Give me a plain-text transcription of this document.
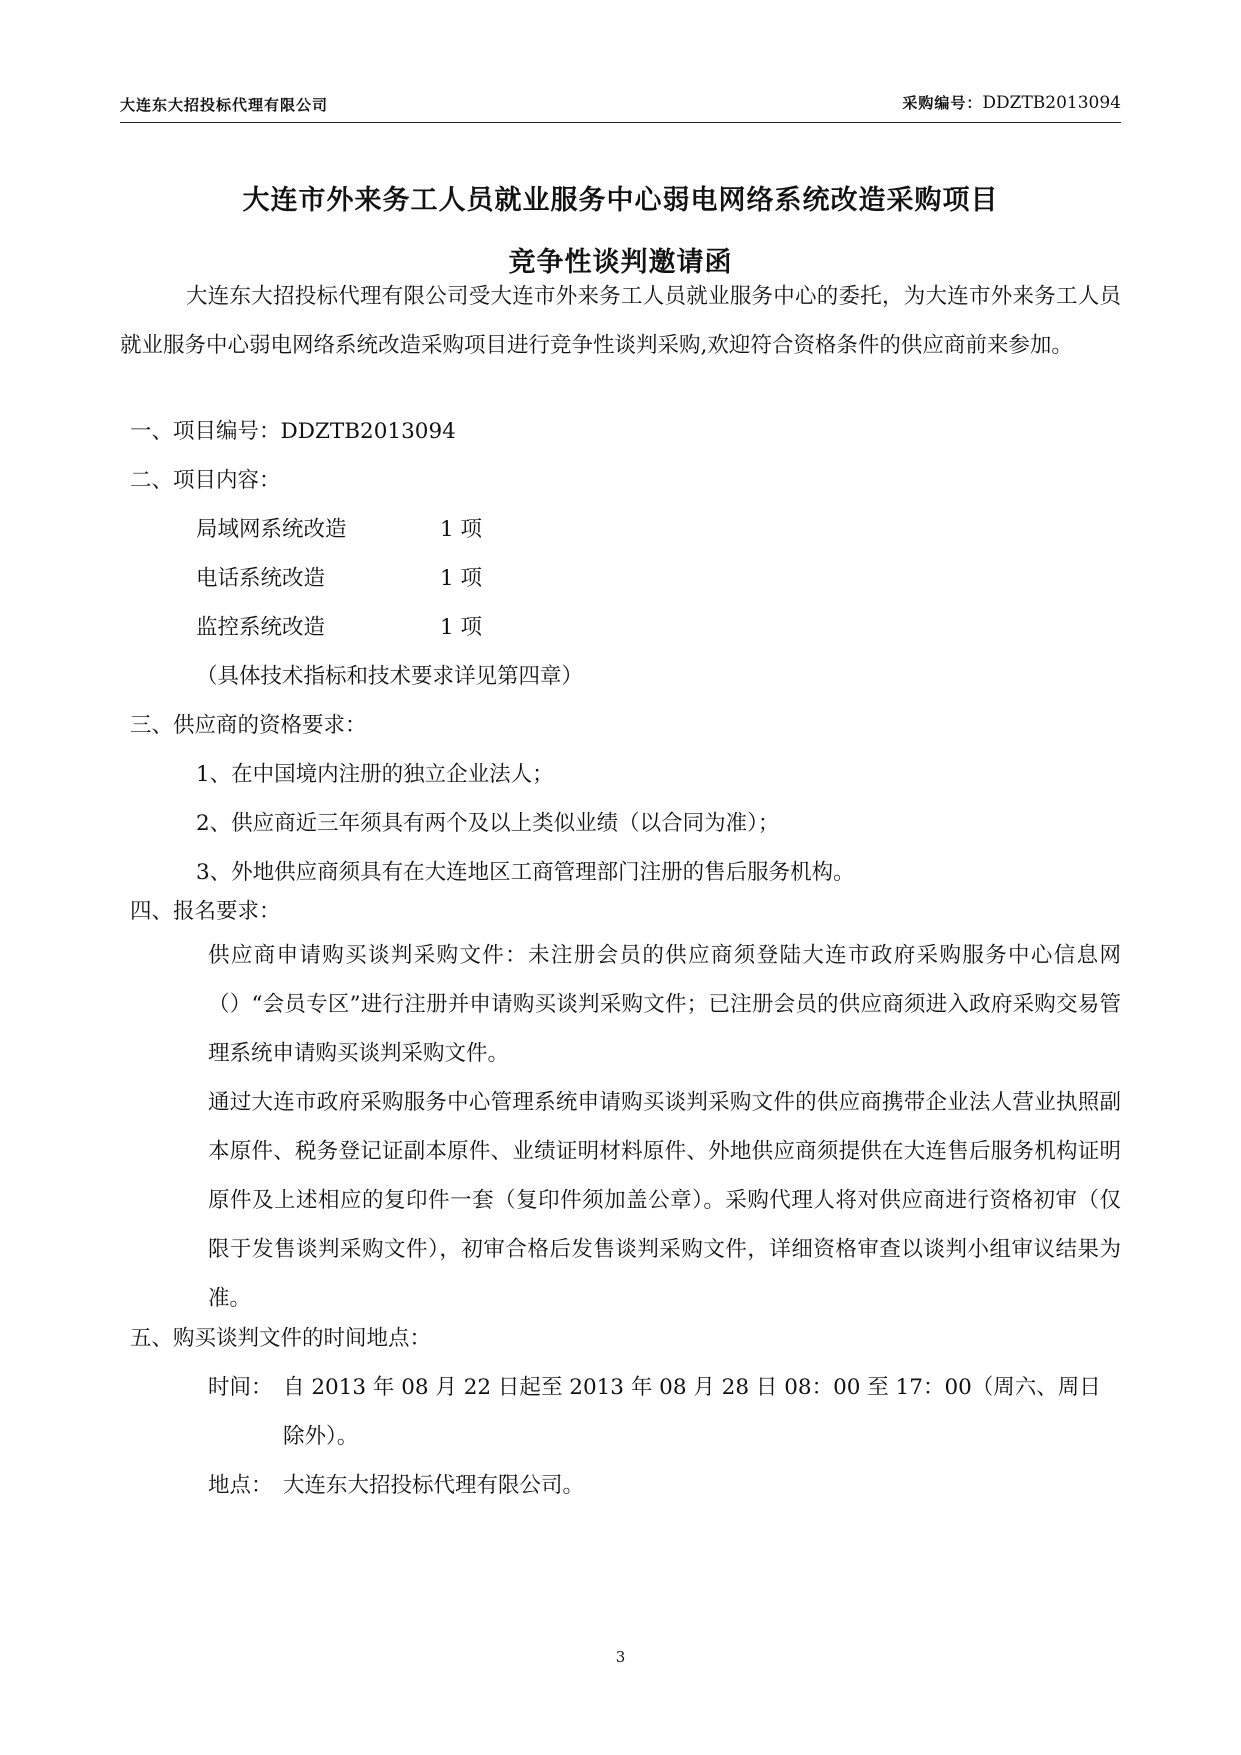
大连东大招投标代理有限公司	采购编号：DDZTB2013094
大连市外来务工人员就业服务中心弱电网络系统改造采购项目
竞争性谈判邀请函
大连东大招投标代理有限公司受大连市外来务工人员就业服务中心的委托，为大连市外来务工人员就业服务中心弱电网络系统改造采购项目进行竞争性谈判采购,欢迎符合资格条件的供应商前来参加。
一、项目编号：DDZTB2013094
二、项目内容：
局域网系统改造	1 项
电话系统改造	1 项
监控系统改造	1 项
（具体技术指标和技术要求详见第四章）
三、供应商的资格要求：
1、在中国境内注册的独立企业法人；
2、供应商近三年须具有两个及以上类似业绩（以合同为准）；
3、外地供应商须具有在大连地区工商管理部门注册的售后服务机构。
四、报名要求：
供应商申请购买谈判采购文件：未注册会员的供应商须登陆大连市政府采购服务中心信息网（）“会员专区”进行注册并申请购买谈判采购文件；已注册会员的供应商须进入政府采购交易管理系统申请购买谈判采购文件。
通过大连市政府采购服务中心管理系统申请购买谈判采购文件的供应商携带企业法人营业执照副本原件、税务登记证副本原件、业绩证明材料原件、外地供应商须提供在大连售后服务机构证明原件及上述相应的复印件一套（复印件须加盖公章）。采购代理人将对供应商进行资格初审（仅限于发售谈判采购文件），初审合格后发售谈判采购文件，详细资格审查以谈判小组审议结果为准。
五、购买谈判文件的时间地点：
时间： 自 2013 年 08 月 22 日起至 2013 年 08 月 28 日 08：00 至 17：00（周六、周日
除外）。
地点： 大连东大招投标代理有限公司。
3
